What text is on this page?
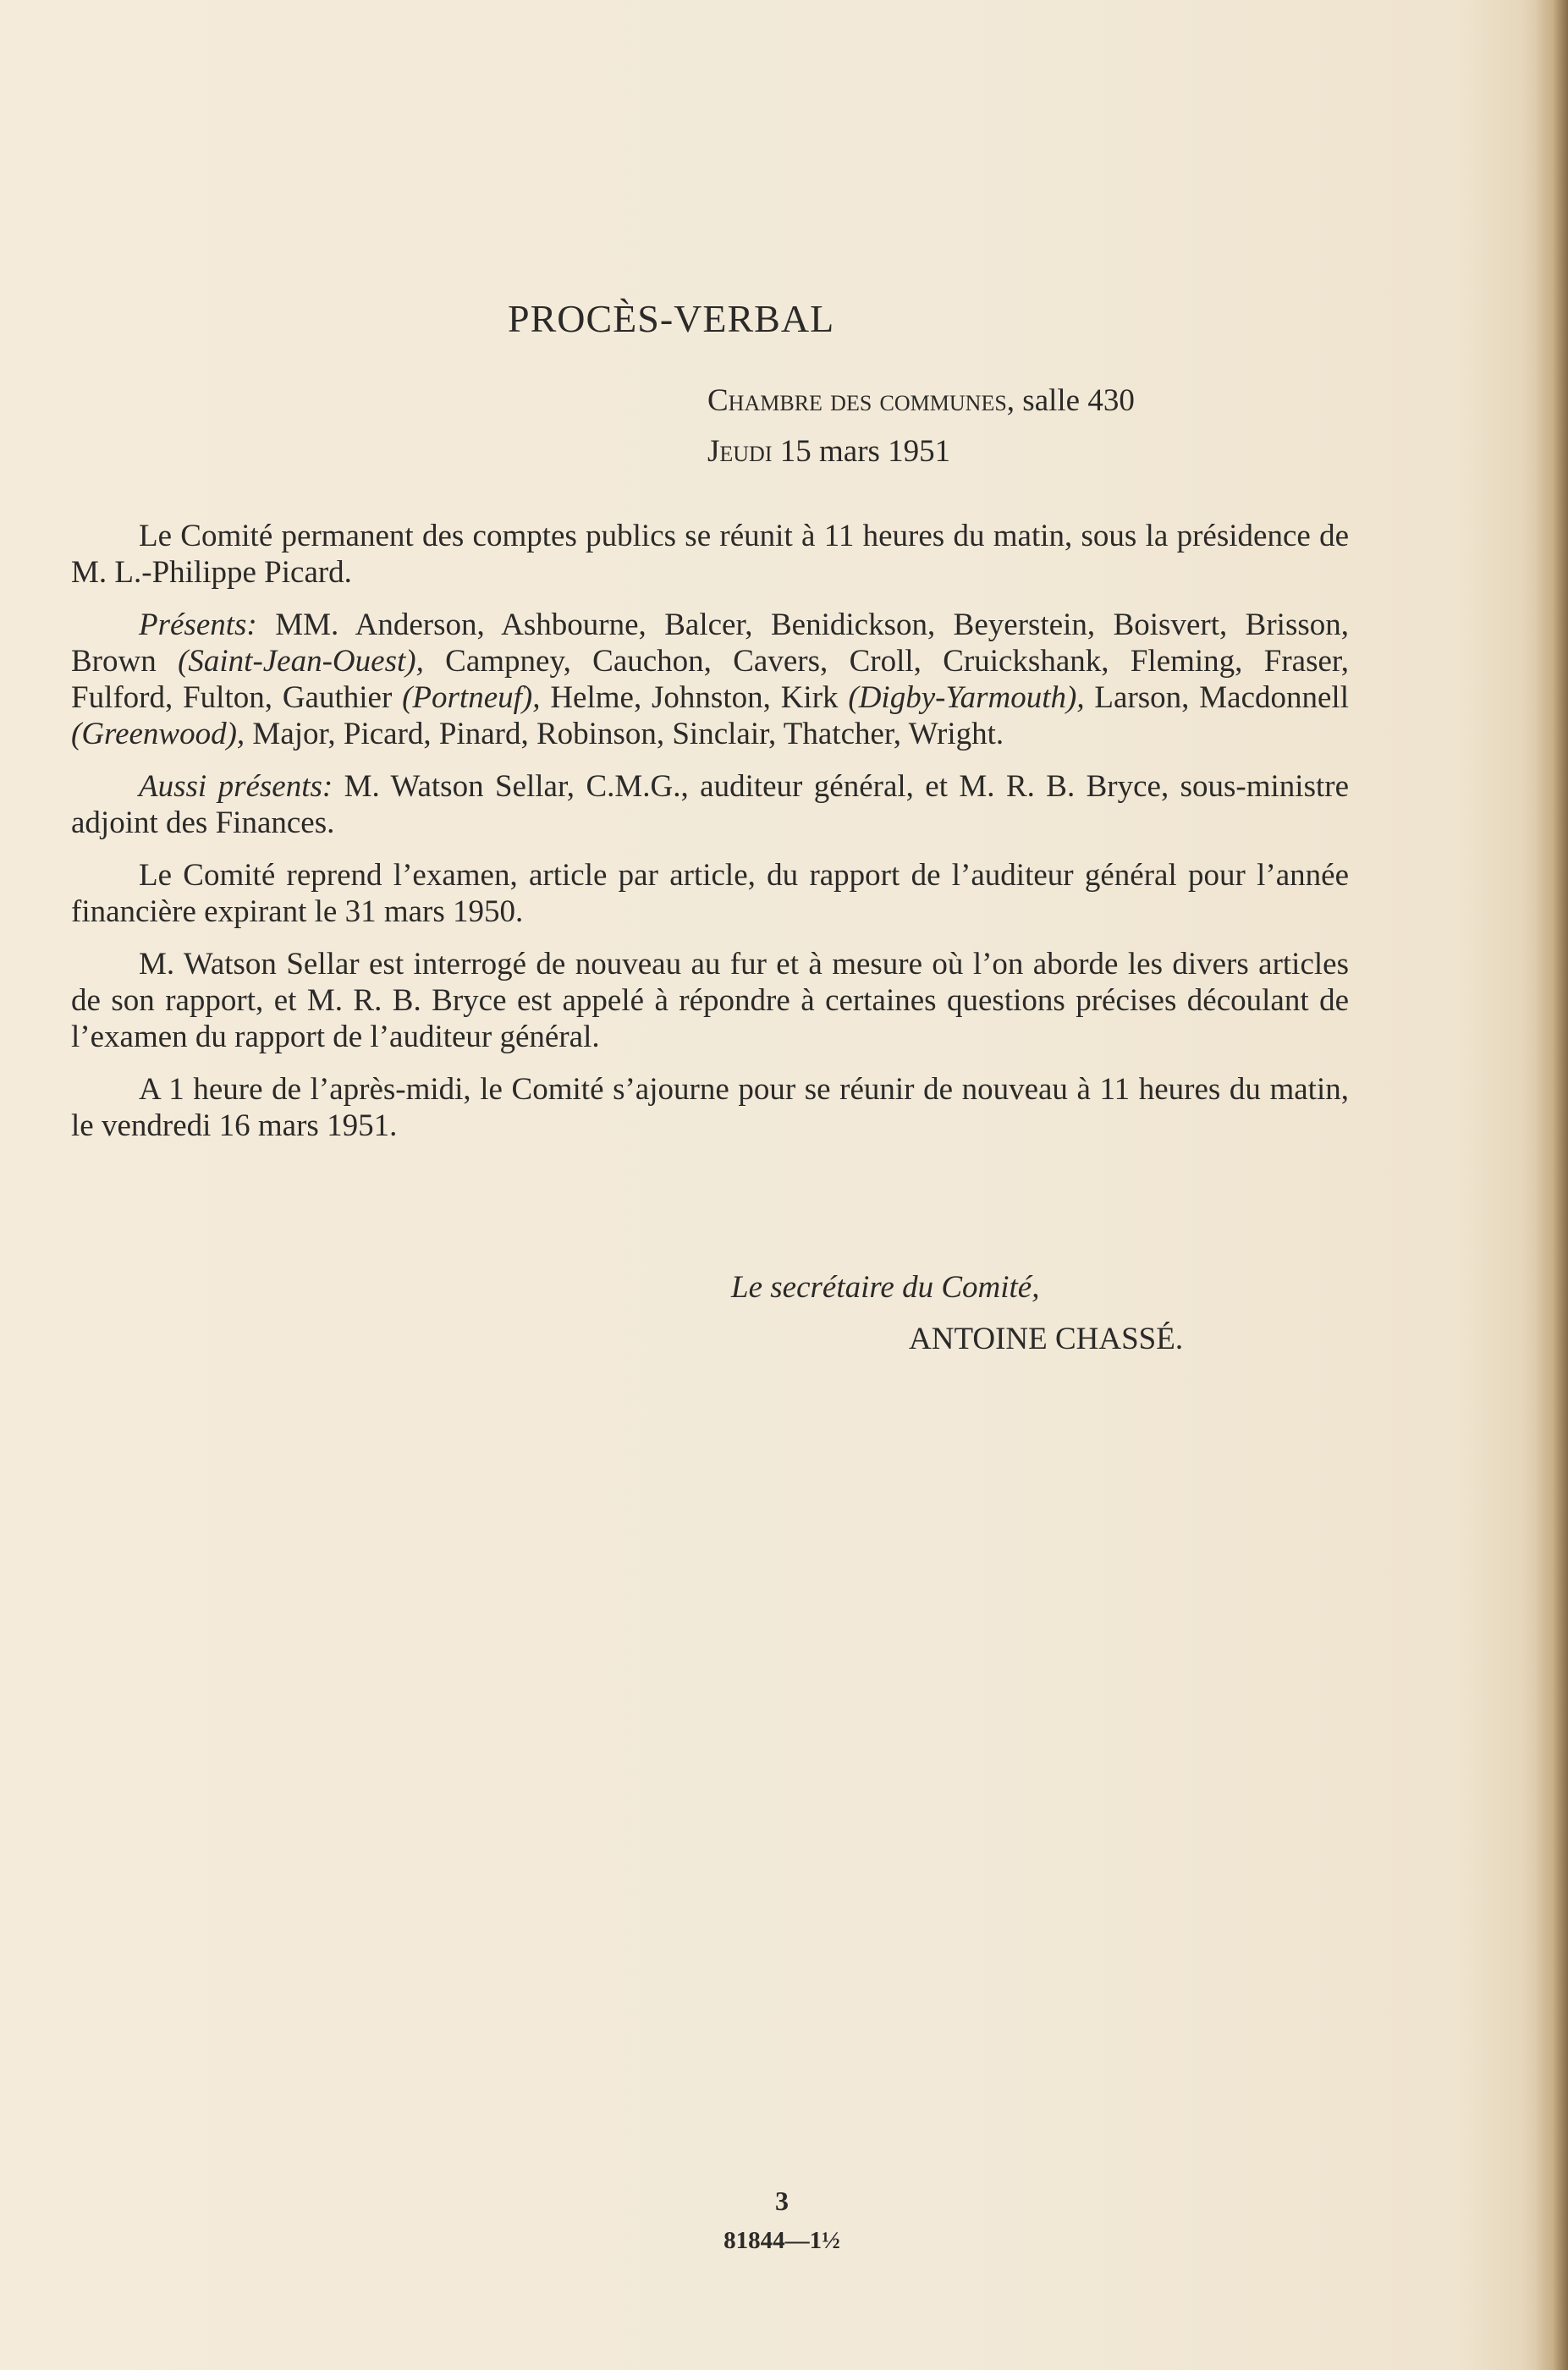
PROCÈS-VERBAL
Chambre des communes, salle 430
Jeudi 15 mars 1951

Le Comité permanent des comptes publics se réunit à 11 heures du matin, sous la présidence de M. L.-Philippe Picard.

Présents: MM. Anderson, Ashbourne, Balcer, Benidickson, Beyerstein, Boisvert, Brisson, Brown (Saint-Jean-Ouest), Campney, Cauchon, Cavers, Croll, Cruickshank, Fleming, Fraser, Fulford, Fulton, Gauthier (Portneuf), Helme, Johnston, Kirk (Digby-Yarmouth), Larson, Macdonnell (Greenwood), Major, Picard, Pinard, Robinson, Sinclair, Thatcher, Wright.

Aussi présents: M. Watson Sellar, C.M.G., auditeur général, et M. R. B. Bryce, sous-ministre adjoint des Finances.

Le Comité reprend l’examen, article par article, du rapport de l’auditeur général pour l’année financière expirant le 31 mars 1950.

M. Watson Sellar est interrogé de nouveau au fur et à mesure où l’on aborde les divers articles de son rapport, et M. R. B. Bryce est appelé à répondre à certaines questions précises découlant de l’examen du rapport de l’auditeur général.

A 1 heure de l’après-midi, le Comité s’ajourne pour se réunir de nouveau à 11 heures du matin, le vendredi 16 mars 1951.

Le secrétaire du Comité,
ANTOINE CHASSÉ.
3
81844—1½
